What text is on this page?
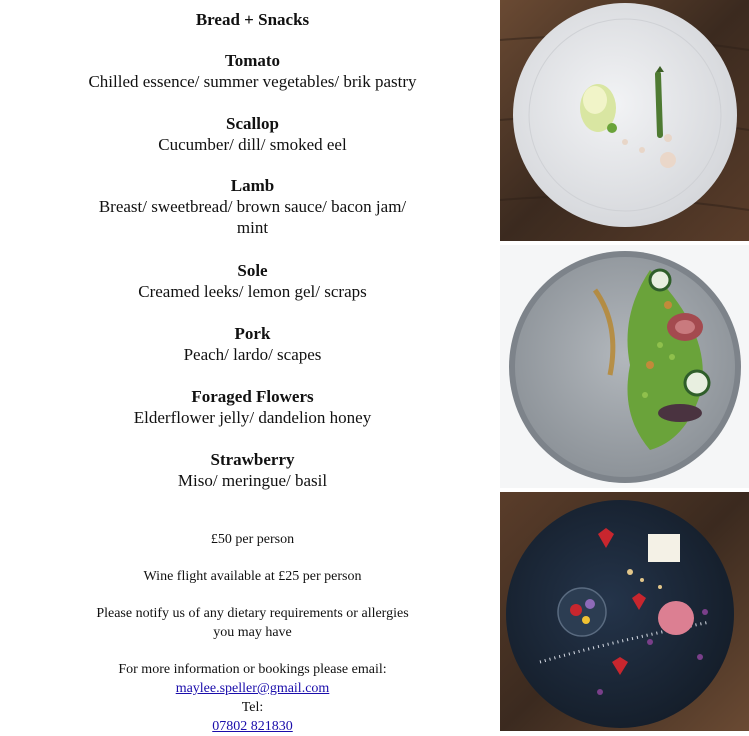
Bread + Snacks
Tomato
Chilled essence/ summer vegetables/ brik pastry
Scallop
Cucumber/ dill/ smoked eel
Lamb
Breast/ sweetbread/ brown sauce/ bacon jam/
mint
Sole
Creamed leeks/ lemon gel/ scraps
Pork
Peach/ lardo/ scapes
Foraged Flowers
Elderflower jelly/ dandelion honey
Strawberry
Miso/ meringue/ basil
£50 per person
Wine flight available at £25 per person
Please notify us of any dietary requirements or allergies
you may have
For more information or bookings please email:
maylee.speller@gmail.com
Tel:
07802 821830
